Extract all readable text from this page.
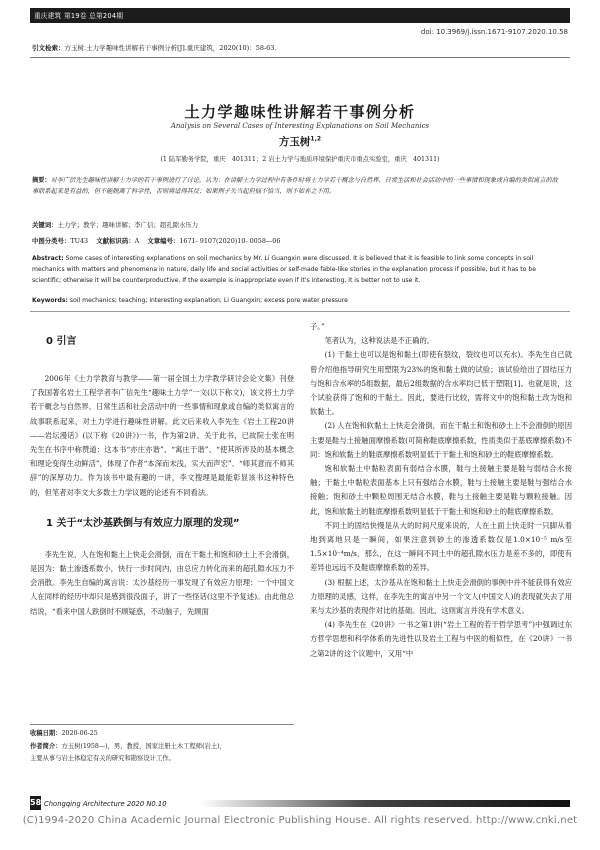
重庆建筑 第19卷 总第204期
doi: 10.3969/j.issn.1671-9107.2020.10.58
引文检索：方玉树.土力学趣味性讲解若干事例分析[J].重庆建筑，2020(10)：58-63.
土力学趣味性讲解若干事例分析
Analysis on Several Cases of Interesting Explanations on Soil Mechanics
方玉树$^{1,2}$
(1 陆军勤务学院，重庆　401311；2 岩土力学与地质环境保护重庆市重点实验室，重庆　401311)
摘要：对李广信先生趣味性讲解土力学的若干事例进行了讨论，认为：在讲解土力学过程中有条件时将土力学若干概念与自然界、日常生活和社会活动中的一些事情和现象或自编的类似寓言的故事联系起来是有益的，但不能脱离了科学性，否则将适得其反；如果例子失当起但恼不恰当，则不如弃之不用。
关键词：土力学；教学；趣味讲解；李广信；超孔隙水压力
中图分类号：TU43 文献标识码：A 文章编号：1671- 9107(2020)10- 0058—06
Abstract: Some cases of interesting explanations on soil mechanics by Mr. Li Guangxin were discussed. It is believed that it is feasible to link some concepts in soil mechanics with matters and phenomena in nature, daily life and social activities or self-made fable-like stories in the explanation process if possible, but it has to be scientific; otherwise it will be counterproductive. If the example is inappropriate even if it's interesting, it is better not to use it.
Keywords: soil mechanics; teaching; interesting explanation; Li Guangxin; excess pore water pressure
0 引言

2006年《土力学教育与教学——第一届全国土力学教学研讨会论文集》刊登了我国著名岩土工程学者李广信先生“趣味土力学”一文(以下称文)，该文将土力学若干概念与自然界、日常生活和社会活动中的一些事情和现象或自编的类似寓言的故事联系起来，对土力学进行趣味性讲解。此文后来收入李先生《岩土工程20讲——岩坛漫话》(以下称《20讲》)一书，作为第2讲。关于此书，已故院士张在明先生在书序中称赞道：这本书“亦庄亦谐”、“寓庄于谐”、“使其所涉及的基本概念和理论变得生动鲜活”，体现了作者“本深而末浅，实大而声宏”、“师其意而不师其辞”的深厚功力。作为该书中最有趣的一讲，李文搜理是最能彰显该书这种特色的，但笔者对李文大多数土力学议题的论述有不同看法。

1 关于“太沙基跌倒与有效应力原理的发现”

李先生说，人在饱和黏土上快走会滑倒，而在干黏土和饱和砂土上不会滑倒，是因为：黏土渗透系数小，快行一步时间内，由总应力转化而来的超孔隙水压力不会消散。李先生自编的寓言说：太沙基经历一事发现了有效应力原理：一个中国文人在同样的经历中却只是感到很没面子，讲了一些怪话(这里不予复述)。由此他总结说，“看来中国人跌倒时不顾疑惑，不动脑子，先顾面

子。”

笔者认为，这种说法是不正确的。

(1) 干黏土也可以是饱和黏土(即使有裂纹，裂纹也可以充水)。李先生自已就曾介绍他指导研究生用塑限为23%的饱和黏土做的试验；该试验给出了固结压力与饱和含水率的5组数据，最后2组数据的含水率均已低于塑限[1]。也就是说，这个试验获得了饱和的干黏土。因此，要进行比较，需将文中的饱和黏土改为饱和软黏土。

(2) 人在饱和软黏土上快走会滑倒，而在干黏土和饱和砂土上不会滑倒的原因主要是鞋与土接触面摩擦系数(可简称鞋底摩擦系数，性质类似于基底摩擦系数)不同：饱和软黏土的鞋底摩擦系数明显低于干黏土和饱和砂土的鞋底摩擦系数。

饱和软黏土中黏粒表面有弱结合水膜，鞋与土接触主要是鞋与弱结合水接触；干黏土中黏粒表面基本上只有强结合水膜，鞋与土接触主要是鞋与强结合水接触；饱和砂土中颗粒周围无结合水膜，鞋与土接触主要是鞋与颗粒接触。因此，饱和软黏土的鞋底摩擦系数明显低于干黏土和饱和砂土的鞋底摩擦系数。

不同土的固结快慢是从大的时间尺度来说的，人在土面上快走时一只脚从着地到离地只是一瞬间，如果注意到砂土的渗透系数仅是1.0×10⁻⁵ m/s至1.5×10⁻⁴m/s，那么，在这一瞬间不同土中的超孔隙水压力是差不多的，即使有差异也远远不及鞋底摩擦系数的差异。

(3) 根据上述，太沙基从在饱和黏土上快走会滑倒的事例中并不能获得有效应力原理的灵感，这样，在李先生的寓言中另一个文人(中国文人)的表现就失去了用来与太沙基的表现作对比的基础。因此，这则寓言并没有学术意义。

(4) 李先生在《20讲》一书之第1讲(“岩土工程的若干哲学思考”)中强调过东方哲学思想和科学体系的先进性以及岩土工程与中医的相似性，在《20讲》一书之第2讲的这个议题中，又用“中

收稿日期：2020-06-25
作者简介：方玉树(1958—)，男，教授，国家注册土木工程师(岩土)，
主要从事与岩土体稳定有关的研究和勘察设计工作。
58 Chongqing Architecture 2020 N0.10
(C)1994-2020 China Academic Journal Electronic Publishing House. All rights reserved. http://www.cnki.net
